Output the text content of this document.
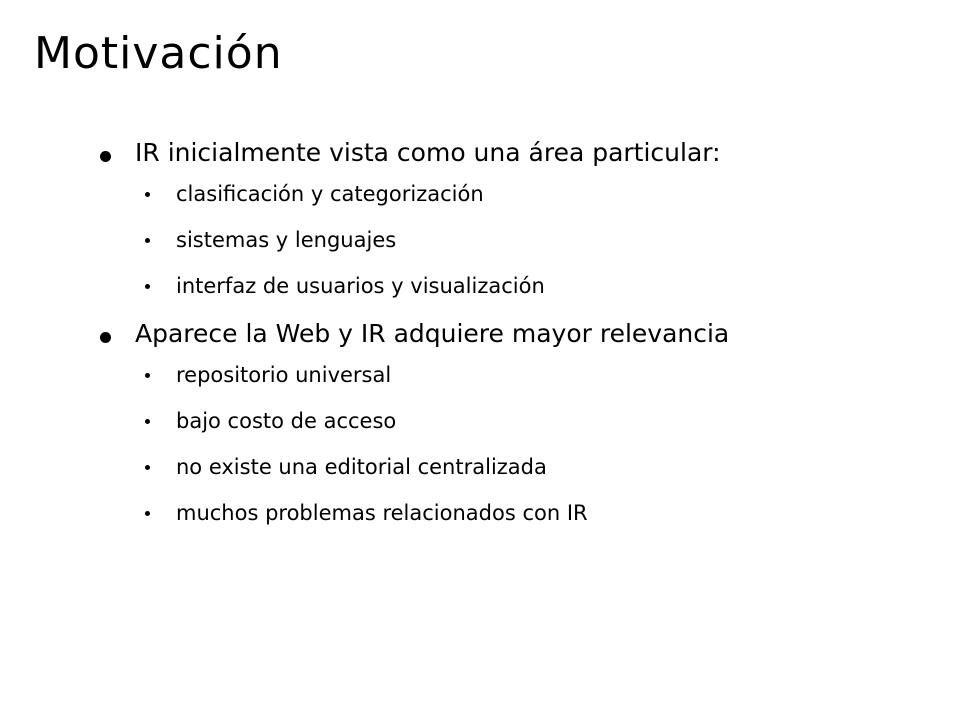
Motivación
IR inicialmente vista como una área particular:
clasificación y categorización
sistemas y lenguajes
interfaz de usuarios y visualización
Aparece la Web y IR adquiere mayor relevancia
repositorio universal
bajo costo de acceso
no existe una editorial centralizada
muchos problemas relacionados con IR
